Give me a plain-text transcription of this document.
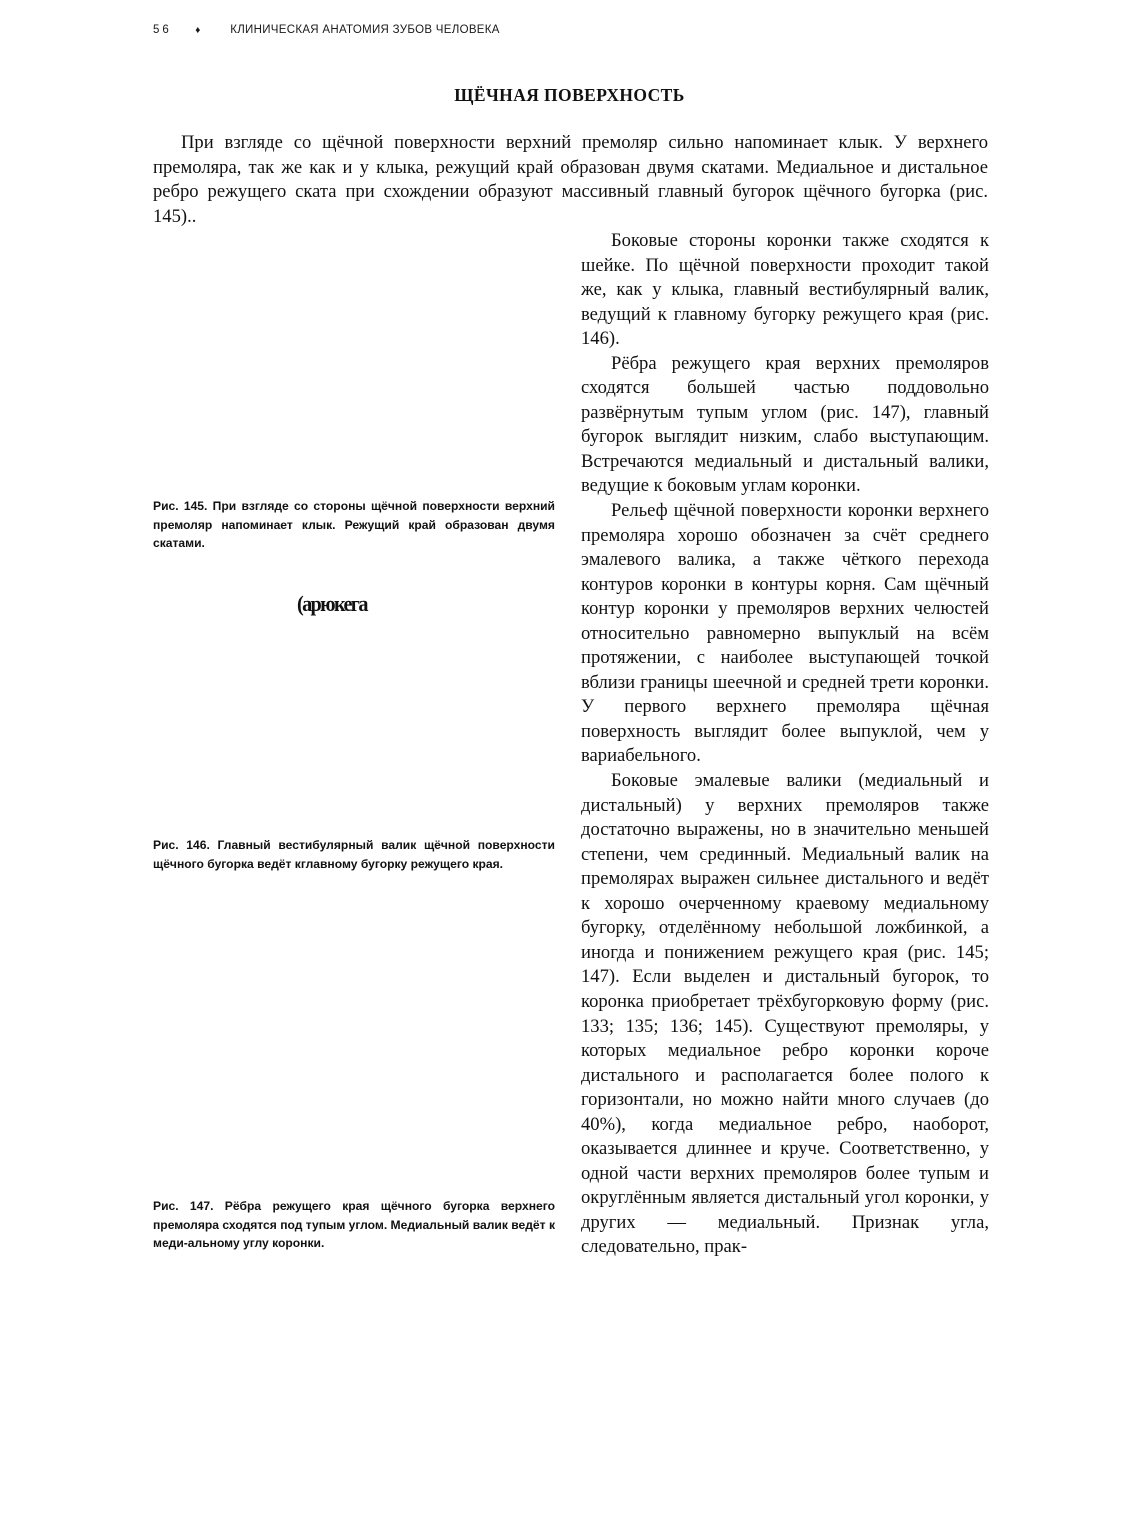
56 ♦	КЛИНИЧЕСКАЯ АНАТОМИЯ ЗУБОВ ЧЕЛОВЕКА
ЩЁЧНАЯ ПОВЕРХНОСТЬ

При взгляде со щёчной поверхности верхний премоляр сильно напоминает клык. У верхнего премоляра, так же как и у клыка, режущий край образован двумя скатами. Медиальное и дистальное ребро режущего ската при схождении образуют массивный главный бугорок щёчного бугорка (рис. 145)..

Рис. 145. При взгляде со стороны щёчной поверхности верхний премоляр напоминает клык. Режущий край образован двумя скатами.

(арюкега

Рис. 146. Главный вестибулярный валик щёчной поверхности щёчного бугорка ведёт кглавному бугорку режущего края.

Рис. 147. Рёбра режущего края щёчного бугорка верхнего премоляра сходятся под тупым углом. Медиальный валик ведёт к меди-альному углу коронки.

Боковые стороны коронки также сходятся к шейке. По щёчной поверхности проходит такой же, как у клыка, главный вестибулярный валик, ведущий к главному бугорку режущего края (рис. 146).

Рёбра режущего края верхних премоляров сходятся большей частью поддовольно развёрнутым тупым углом (рис. 147), главный бугорок выглядит низким, слабо выступающим. Встречаются медиальный и дистальный валики, ведущие к боковым углам коронки.

Рельеф щёчной поверхности коронки верхнего премоляра хорошо обозначен за счёт среднего эмалевого валика, а также чёткого перехода контуров коронки в контуры корня. Сам щёчный контур коронки у премоляров верхних челюстей относительно равномерно выпуклый на всём протяжении, с наиболее выступающей точкой вблизи границы шеечной и средней трети коронки. У первого верхнего премоляра щёчная поверхность выглядит более выпуклой, чем у вариабельного.

Боковые эмалевые валики (медиальный и дистальный) у верхних премоляров также достаточно выражены, но в значительно меньшей степени, чем срединный. Медиальный валик на премолярах выражен сильнее дистального и ведёт к хорошо очерченному краевому медиальному бугорку, отделённому небольшой ложбинкой, а иногда и понижением режущего края (рис. 145; 147). Если выделен и дистальный бугорок, то коронка приобретает трёхбугорковую форму (рис. 133; 135; 136; 145). Существуют премоляры, у которых медиальное ребро коронки короче дистального и располагается более полого к горизонтали, но можно найти много случаев (до 40%), когда медиальное ребро, наоборот, оказывается длиннее и круче. Соответственно, у одной части верхних премоляров более тупым и округлённым является дистальный угол коронки, у других — медиальный. Признак угла, следовательно, прак-
